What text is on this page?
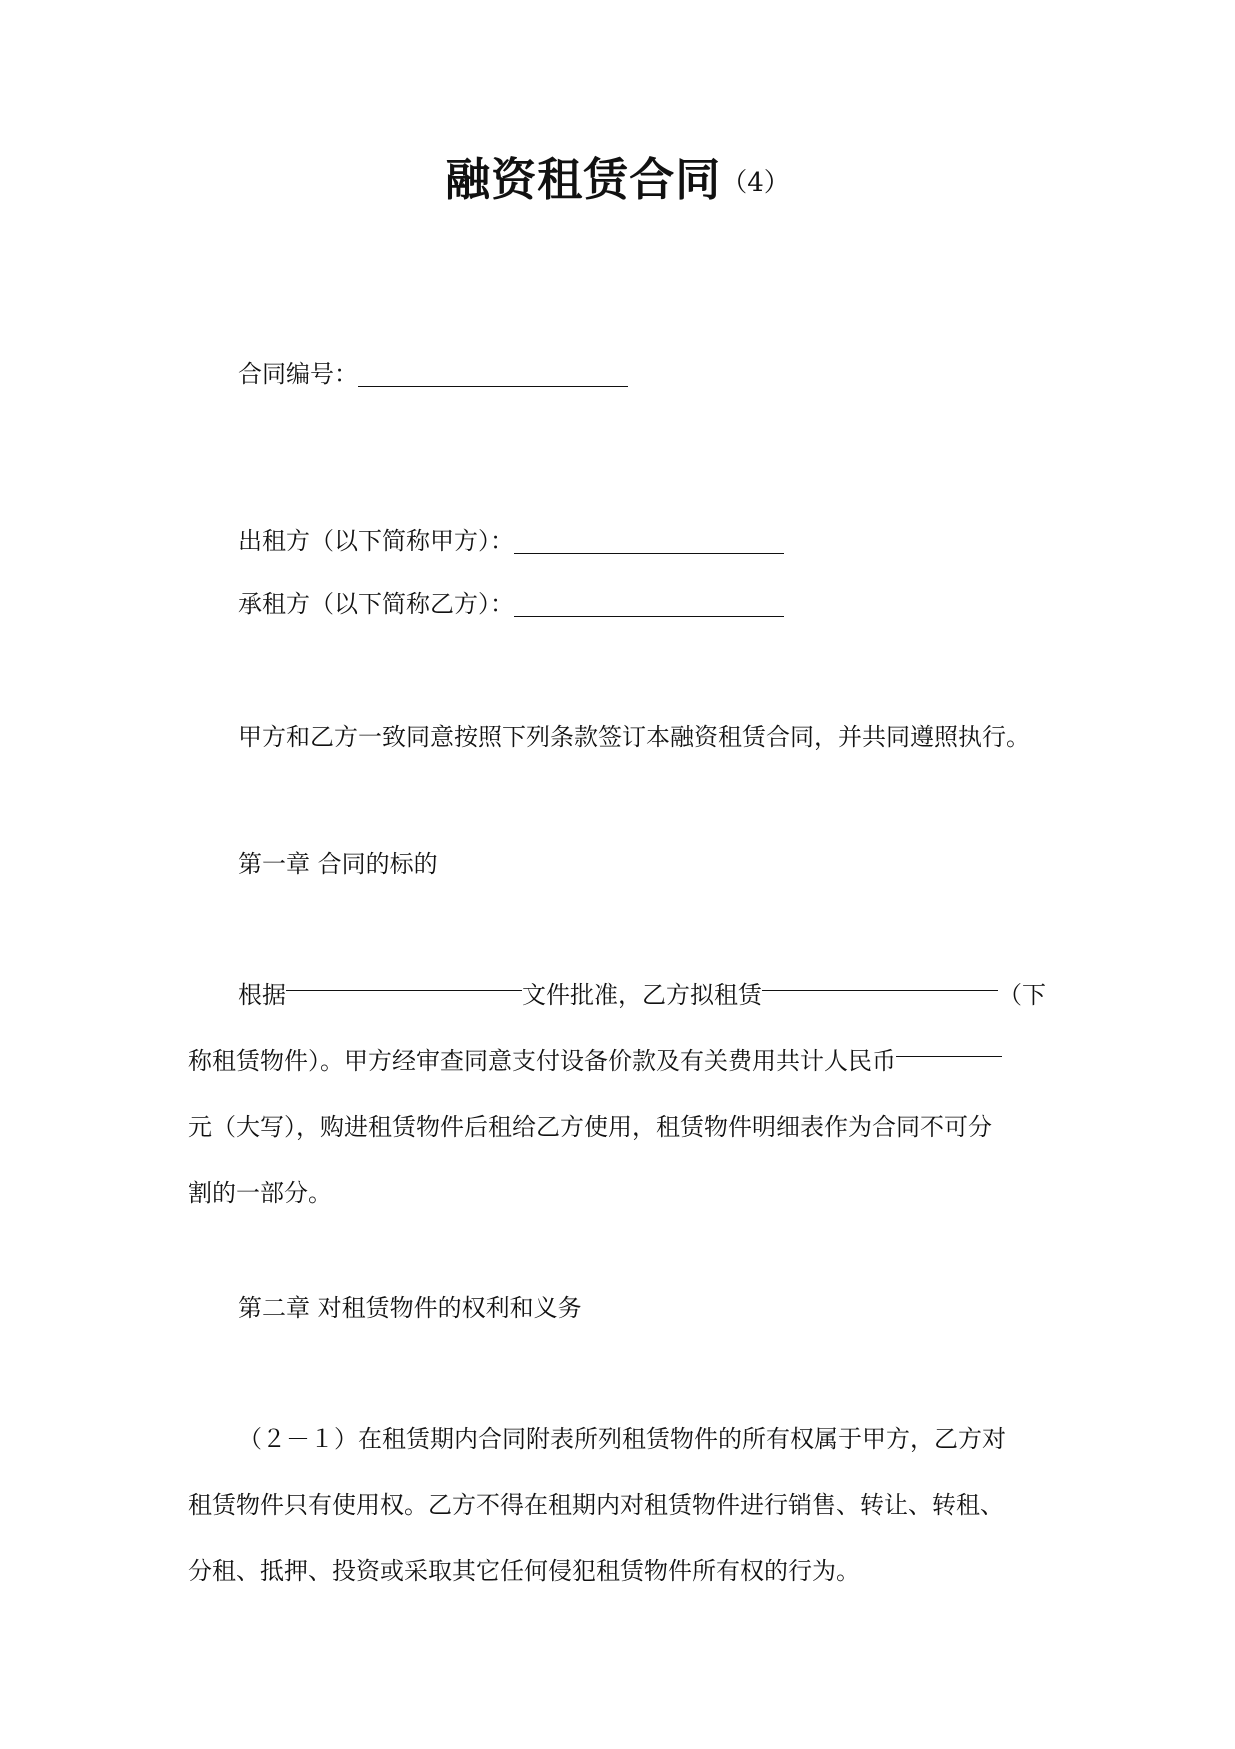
融资租赁合同（4）
合同编号：
出租方（以下简称甲方）：
承租方（以下简称乙方）：
甲方和乙方一致同意按照下列条款签订本融资租赁合同，并共同遵照执行。
第一章 合同的标的
根据	文件批准，乙方拟租赁	（下
称租赁物件）。甲方经审查同意支付设备价款及有关费用共计人民币
元（大写），购进租赁物件后租给乙方使用，租赁物件明细表作为合同不可分
割的一部分。
第二章 对租赁物件的权利和义务
（２－１）在租赁期内合同附表所列租赁物件的所有权属于甲方，乙方对
租赁物件只有使用权。乙方不得在租期内对租赁物件进行销售、转让、转租、
分租、抵押、投资或采取其它任何侵犯租赁物件所有权的行为。
